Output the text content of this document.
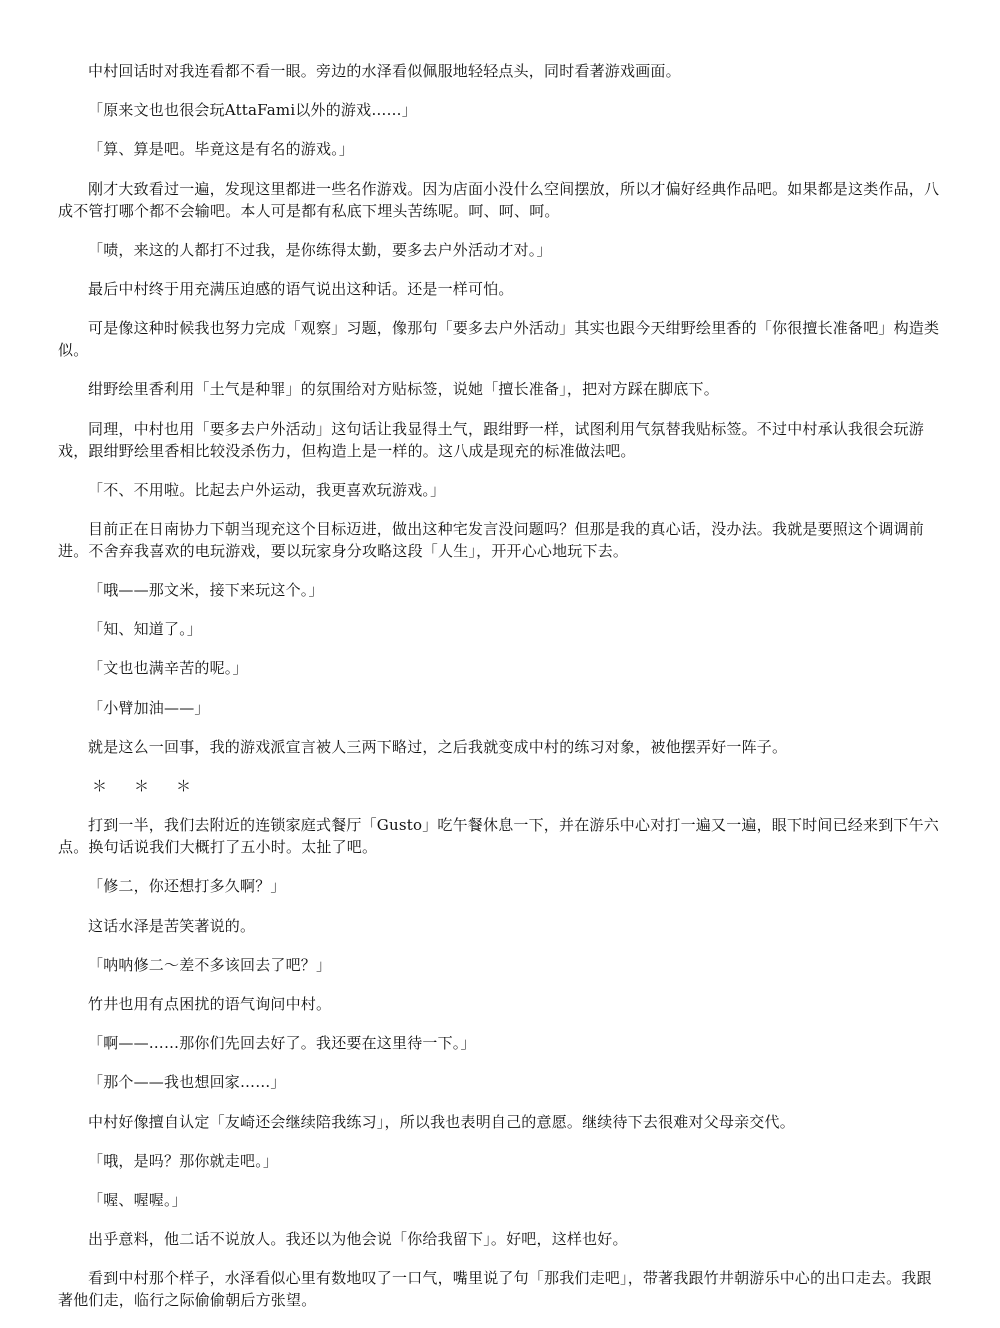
中村回话时对我连看都不看一眼。旁边的水泽看似佩服地轻轻点头，同时看著游戏画面。

「原来文也也很会玩AttaFami以外的游戏……」

「算、算是吧。毕竟这是有名的游戏。」

刚才大致看过一遍，发现这里都进一些名作游戏。因为店面小没什么空间摆放，所以才偏好经典作品吧。如果都是这类作品，八成不管打哪个都不会输吧。本人可是都有私底下埋头苦练呢。呵、呵、呵。

「啧，来这的人都打不过我，是你练得太勤，要多去户外活动才对。」

最后中村终于用充满压迫感的语气说出这种话。还是一样可怕。

可是像这种时候我也努力完成「观察」习题，像那句「要多去户外活动」其实也跟今天绀野绘里香的「你很擅长准备吧」构造类似。

绀野绘里香利用「土气是种罪」的氛围给对方贴标签，说她「擅长准备」，把对方踩在脚底下。

同理，中村也用「要多去户外活动」这句话让我显得土气，跟绀野一样，试图利用气氛替我贴标签。不过中村承认我很会玩游戏，跟绀野绘里香相比较没杀伤力，但构造上是一样的。这八成是现充的标准做法吧。

「不、不用啦。比起去户外运动，我更喜欢玩游戏。」

目前正在日南协力下朝当现充这个目标迈进，做出这种宅发言没问题吗？但那是我的真心话，没办法。我就是要照这个调调前进。不舍弃我喜欢的电玩游戏，要以玩家身分攻略这段「人生」，开开心心地玩下去。

「哦——那文米，接下来玩这个。」

「知、知道了。」

「文也也满辛苦的呢。」

「小臂加油——」

就是这么一回事，我的游戏派宣言被人三两下略过，之后我就变成中村的练习对象，被他摆弄好一阵子。

＊　＊　＊

打到一半，我们去附近的连锁家庭式餐厅「Gusto」吃午餐休息一下，并在游乐中心对打一遍又一遍，眼下时间已经来到下午六点。换句话说我们大概打了五小时。太扯了吧。

「修二，你还想打多久啊？」

这话水泽是苦笑著说的。

「呐呐修二～差不多该回去了吧？」

竹井也用有点困扰的语气询问中村。

「啊——……那你们先回去好了。我还要在这里待一下。」

「那个——我也想回家……」

中村好像擅自认定「友崎还会继续陪我练习」，所以我也表明自己的意愿。继续待下去很难对父母亲交代。

「哦，是吗？那你就走吧。」

「喔、喔喔。」

出乎意料，他二话不说放人。我还以为他会说「你给我留下」。好吧，这样也好。

看到中村那个样子，水泽看似心里有数地叹了一口气，嘴里说了句「那我们走吧」，带著我跟竹井朝游乐中心的出口走去。我跟著他们走，临行之际偷偷朝后方张望。
